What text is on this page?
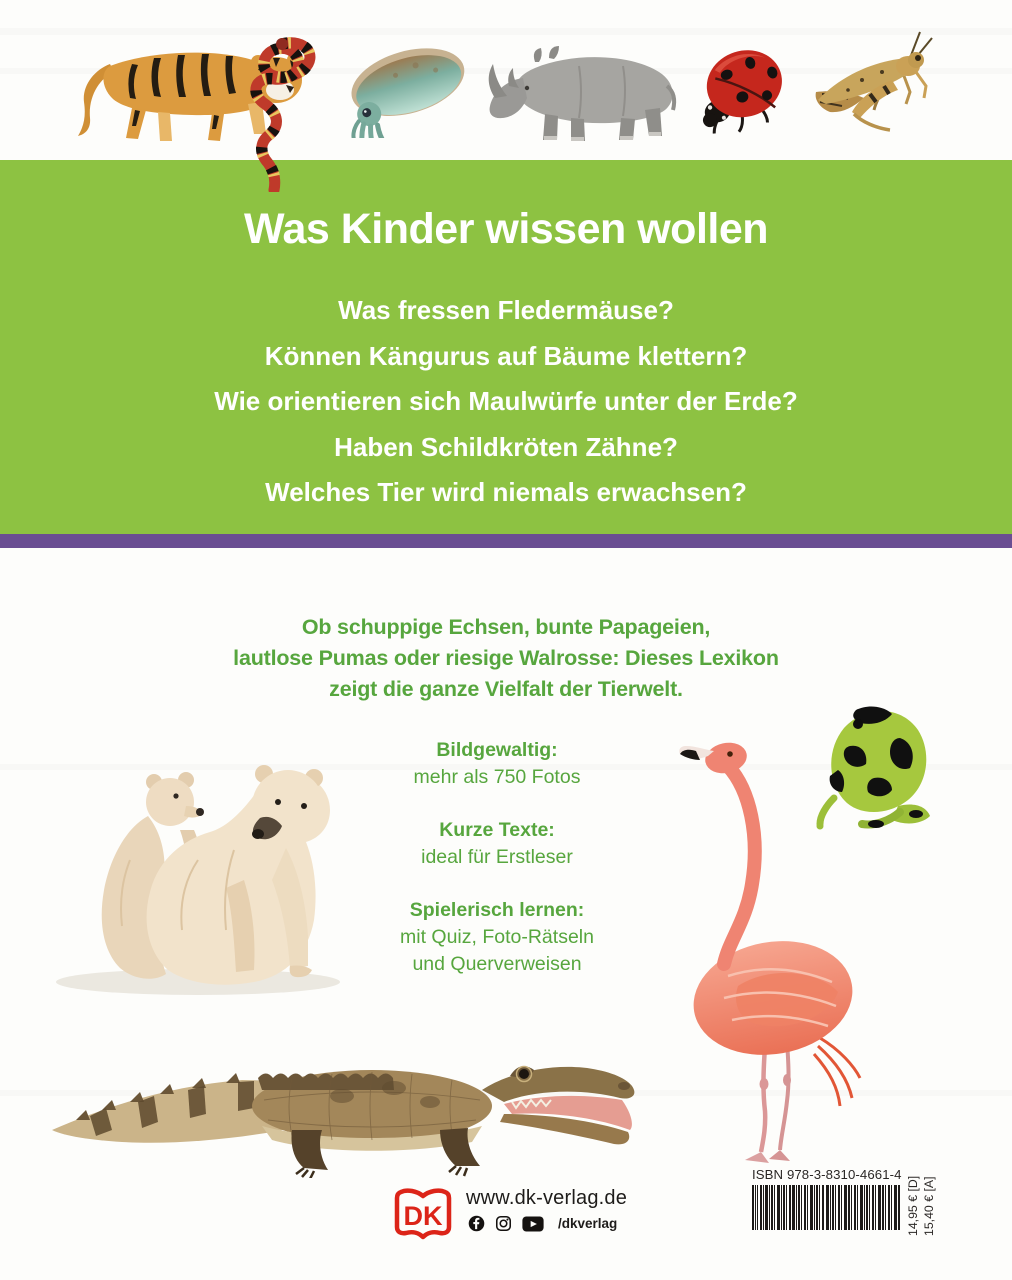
Was Kinder wissen wollen
Was fressen Fledermäuse?
Können Kängurus auf Bäume klettern?
Wie orientieren sich Maulwürfe unter der Erde?
Haben Schildkröten Zähne?
Welches Tier wird niemals erwachsen?
Ob schuppige Echsen, bunte Papageien,
lautlose Pumas oder riesige Walrosse: Dieses Lexikon
zeigt die ganze Vielfalt der Tierwelt.
Bildgewaltig:
mehr als 750 Fotos
Kurze Texte:
ideal für Erstleser
Spielerisch lernen:
mit Quiz, Foto-Rätseln
und Querverweisen
DK
www.dk-verlag.de
/dkverlag
ISBN 978-3-8310-4661-4
14,95 € [D] 15,40 € [A]
